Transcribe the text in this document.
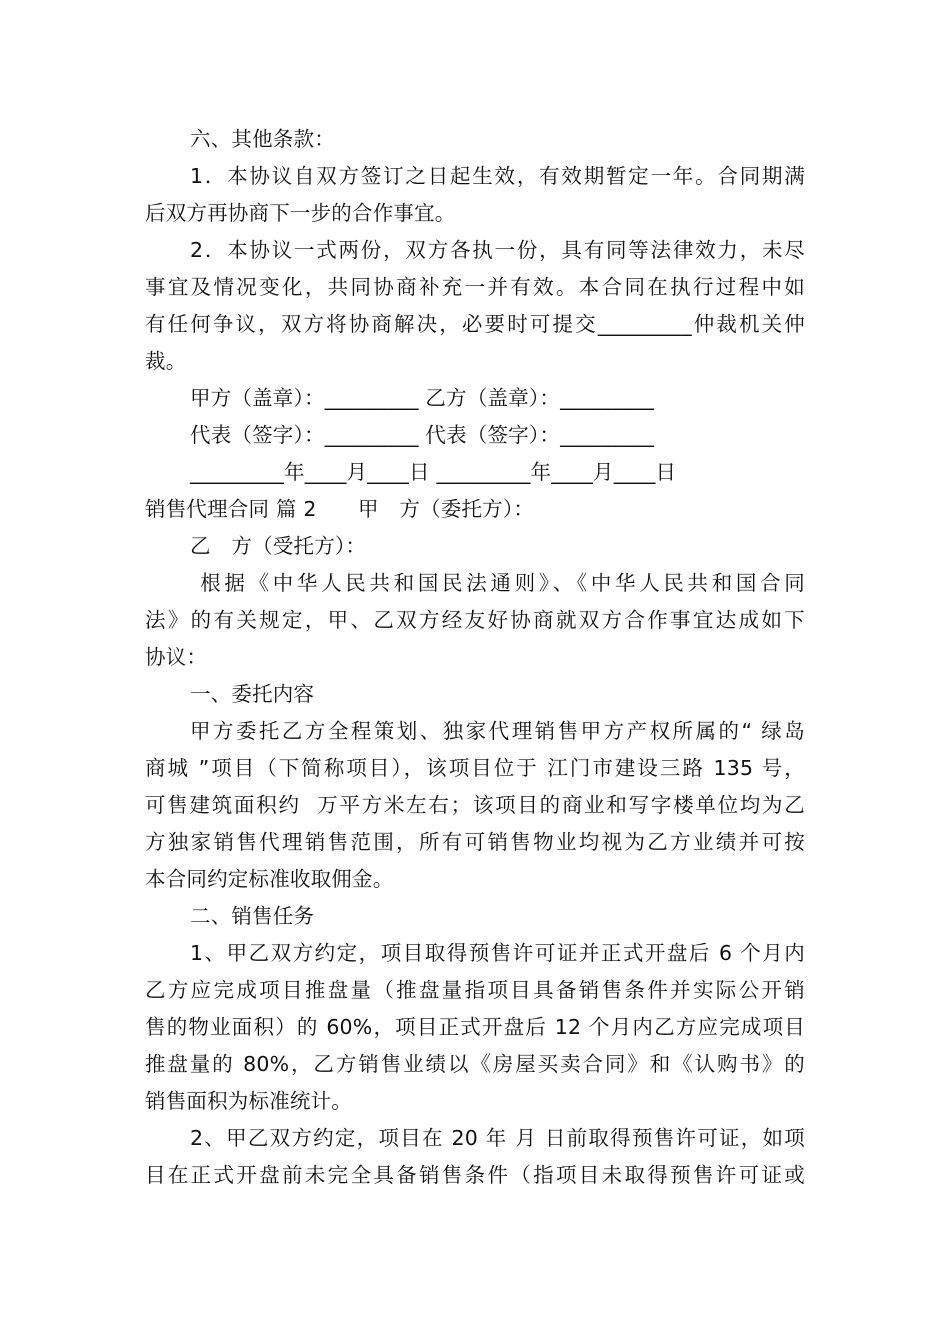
六、其他条款：
1．本协议自双方签订之日起生效，有效期暂定一年。合同期满
后双方再协商下一步的合作事宜。
2．本协议一式两份，双方各执一份，具有同等法律效力，未尽
事宜及情况变化，共同协商补充一并有效。本合同在执行过程中如
有任何争议，双方将协商解决，必要时可提交_________仲裁机关仲
裁。
甲方（盖章）：_________ 乙方（盖章）：_________
代表（签字）：_________ 代表（签字）：_________
_________年____月____日 _________年____月____日
销售代理合同 篇 2　　甲　方（委托方）：
乙　方（受托方）：
根据《中华人民共和国民法通则》、《中华人民共和国合同
法》的有关规定，甲、乙双方经友好协商就双方合作事宜达成如下
协议：
一、委托内容
甲方委托乙方全程策划、独家代理销售甲方产权所属的“ 绿岛
商城 ”项目（下简称项目），该项目位于 江门市建设三路 135 号，
可售建筑面积约  万平方米左右；该项目的商业和写字楼单位均为乙
方独家销售代理销售范围，所有可销售物业均视为乙方业绩并可按
本合同约定标准收取佣金。
二、销售任务
1、甲乙双方约定，项目取得预售许可证并正式开盘后 6 个月内
乙方应完成项目推盘量（推盘量指项目具备销售条件并实际公开销
售的物业面积）的 60%，项目正式开盘后 12 个月内乙方应完成项目
推盘量的 80%，乙方销售业绩以《房屋买卖合同》和《认购书》的
销售面积为标准统计。
2、甲乙双方约定，项目在 20 年 月 日前取得预售许可证，如项
目在正式开盘前未完全具备销售条件（指项目未取得预售许可证或
